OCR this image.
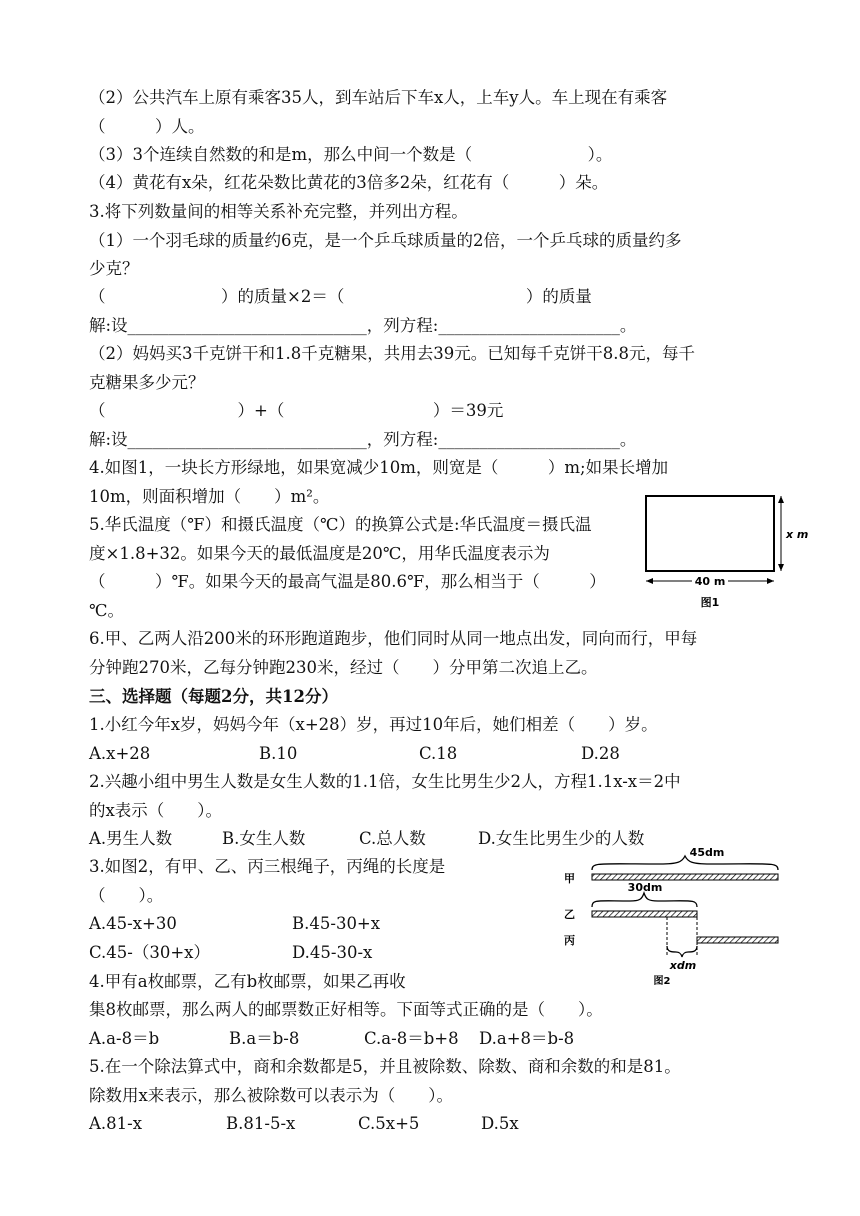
（2）公共汽车上原有乘客35人，到车站后下车x人，上车y人。车上现在有乘客
（　　　）人。
（3）3个连续自然数的和是m，那么中间一个数是（　　　　　　　）。
（4）黄花有x朵，红花朵数比黄花的3倍多2朵，红花有（　　　）朵。
3.将下列数量间的相等关系补充完整，并列出方程。
（1）一个羽毛球的质量约6克，是一个乒乓球质量的2倍，一个乒乓球的质量约多
少克？
（　　　　　　　）的质量×2＝（　　　　　　　　　　　）的质量
解:设_____________________________，列方程:______________________。
（2）妈妈买3千克饼干和1.8千克糖果，共用去39元。已知每千克饼干8.8元，每千
克糖果多少元？
（　　　　　　　　）+（　　　　　　　　　）＝39元
解:设_____________________________，列方程:______________________。
4.如图1，一块长方形绿地，如果宽减少10m，则宽是（　　　）m;如果长增加
10m，则面积增加（　　）m²。
5.华氏温度（℉）和摄氏温度（℃）的换算公式是:华氏温度＝摄氏温
度×1.8+32。如果今天的最低温度是20℃，用华氏温度表示为
（　　　）℉。如果今天的最高气温是80.6℉，那么相当于（　　　）
℃。
x m
40 m
图1
6.甲、乙两人沿200米的环形跑道跑步，他们同时从同一地点出发，同向而行，甲每
分钟跑270米，乙每分钟跑230米，经过（　　）分甲第二次追上乙。
三、选择题（每题2分，共12分）
1.小红今年x岁，妈妈今年（x+28）岁，再过10年后，她们相差（　　）岁。
A.x+28	B.10	C.18	D.28
2.兴趣小组中男生人数是女生人数的1.1倍，女生比男生少2人，方程1.1x-x＝2中
的x表示（　　）。
A.男生人数	B.女生人数	C.总人数	D.女生比男生少的人数
3.如图2，有甲、乙、丙三根绳子，丙绳的长度是
（　　）。
A.45-x+30	B.45-30+x
C.45-（30+x）	D.45-30-x
甲
45dm
乙
30dm
丙
xdm
图2
4.甲有a枚邮票，乙有b枚邮票，如果乙再收
集8枚邮票，那么两人的邮票数正好相等。下面等式正确的是（　　）。
A.a-8＝b	B.a＝b-8	C.a-8＝b+8 D.a+8＝b-8
5.在一个除法算式中，商和余数都是5，并且被除数、除数、商和余数的和是81。
除数用x来表示，那么被除数可以表示为（　　）。
A.81-x	B.81-5-x	C.5x+5	D.5x
